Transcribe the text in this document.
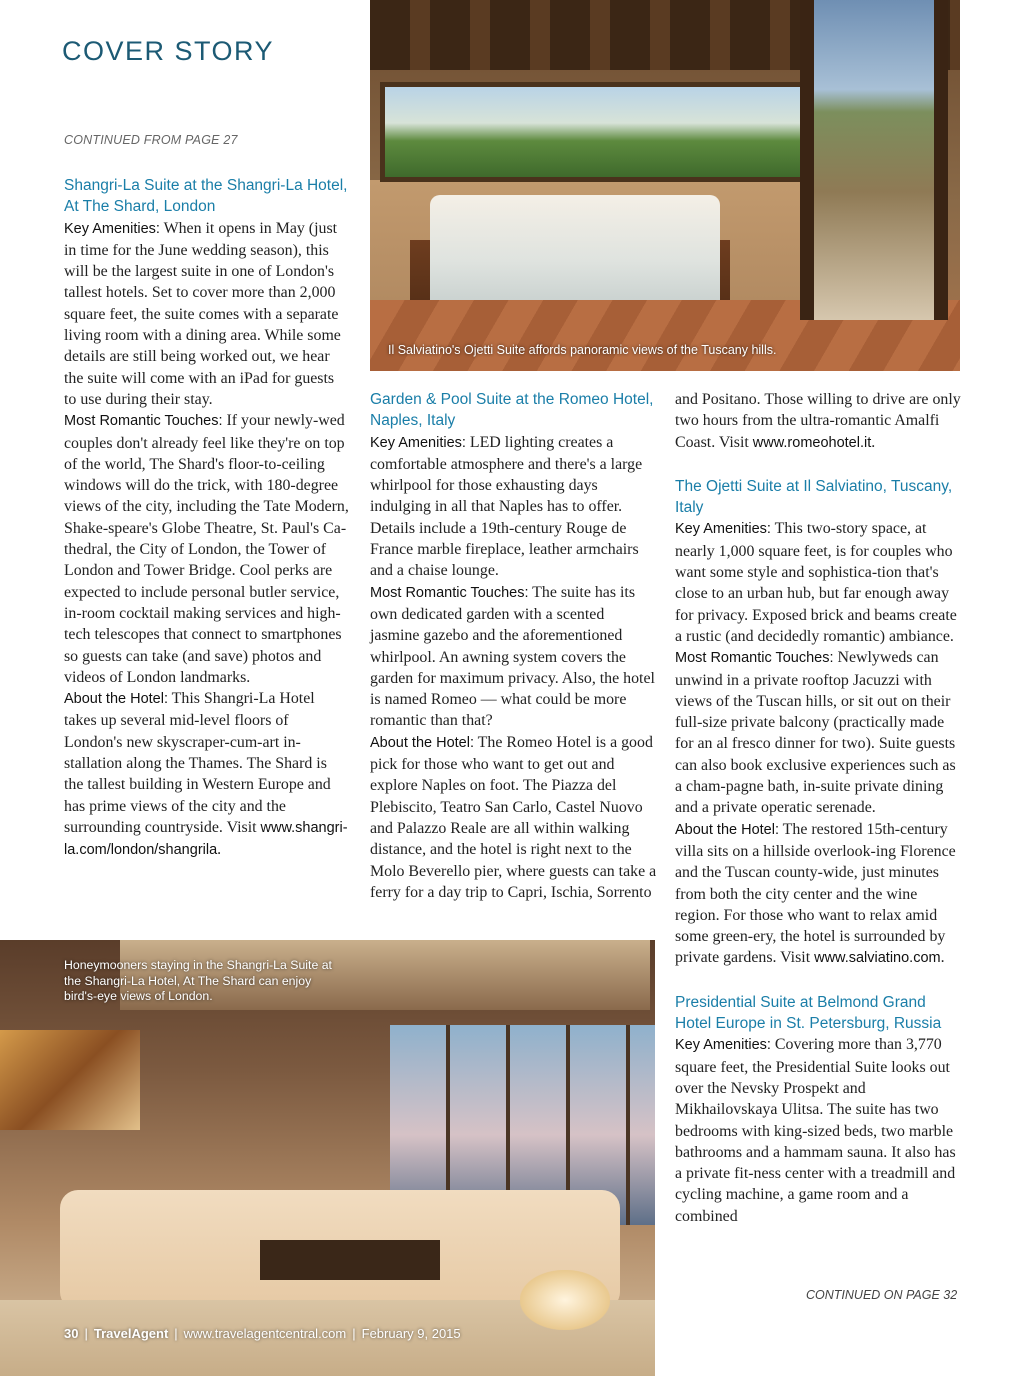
COVER STORY
CONTINUED FROM PAGE 27
Il Salviatino's Ojetti Suite affords panoramic views of the Tuscany hills.

Shangri-La Suite at the Shangri-La Hotel, At The Shard, London

Key Amenities: When it opens in May (just in time for the June wedding season), this will be the largest suite in one of London's tallest hotels. Set to cover more than 2,000 square feet, the suite comes with a separate living room with a dining area. While some details are still being worked out, we hear the suite will come with an iPad for guests to use during their stay.

Most Romantic Touches: If your newly-wed couples don't already feel like they're on top of the world, The Shard's floor-to-ceiling windows will do the trick, with 180-degree views of the city, including the Tate Modern, Shake-speare's Globe Theatre, St. Paul's Ca-thedral, the City of London, the Tower of London and Tower Bridge. Cool perks are expected to include personal butler service, in-room cocktail making services and high-tech telescopes that connect to smartphones so guests can take (and save) photos and videos of London landmarks.

About the Hotel: This Shangri-La Hotel takes up several mid-level floors of London's new skyscraper-cum-art in-stallation along the Thames. The Shard is the tallest building in Western Europe and has prime views of the city and the surrounding countryside. Visit www.shangri-la.com/london/shangrila.

Garden & Pool Suite at the Romeo Hotel, Naples, Italy

Key Amenities: LED lighting creates a comfortable atmosphere and there's a large whirlpool for those exhausting days indulging in all that Naples has to offer. Details include a 19th-century Rouge de France marble fireplace, leather armchairs and a chaise lounge.

Most Romantic Touches: The suite has its own dedicated garden with a scented jasmine gazebo and the aforementioned whirlpool. An awning system covers the garden for maximum privacy. Also, the hotel is named Romeo — what could be more romantic than that?

About the Hotel: The Romeo Hotel is a good pick for those who want to get out and explore Naples on foot. The Piazza del Plebiscito, Teatro San Carlo, Castel Nuovo and Palazzo Reale are all within walking distance, and the hotel is right next to the Molo Beverello pier, where guests can take a ferry for a day trip to Capri, Ischia, Sorrento

and Positano. Those willing to drive are only two hours from the ultra-romantic Amalfi Coast. Visit www.romeohotel.it.

The Ojetti Suite at Il Salviatino, Tuscany, Italy

Key Amenities: This two-story space, at nearly 1,000 square feet, is for couples who want some style and sophistica-tion that's close to an urban hub, but far enough away for privacy. Exposed brick and beams create a rustic (and decidedly romantic) ambiance.

Most Romantic Touches: Newlyweds can unwind in a private rooftop Jacuzzi with views of the Tuscan hills, or sit out on their full-size private balcony (practically made for an al fresco dinner for two). Suite guests can also book exclusive experiences such as a cham-pagne bath, in-suite private dining and a private operatic serenade.

About the Hotel: The restored 15th-century villa sits on a hillside overlook-ing Florence and the Tuscan county-wide, just minutes from both the city center and the wine region. For those who want to relax amid some green-ery, the hotel is surrounded by private gardens. Visit www.salviatino.com.

Presidential Suite at Belmond Grand Hotel Europe in St. Petersburg, Russia

Key Amenities: Covering more than 3,770 square feet, the Presidential Suite looks out over the Nevsky Prospekt and Mikhailovskaya Ulitsa. The suite has two bedrooms with king-sized beds, two marble bathrooms and a hammam sauna. It also has a private fit-ness center with a treadmill and cycling machine, a game room and a combined

CONTINUED ON PAGE 32
Honeymooners staying in the Shangri-La Suite at the Shangri-La Hotel, At The Shard can enjoy bird's-eye views of London.
30 | TravelAgent | www.travelagentcentral.com | February 9, 2015
